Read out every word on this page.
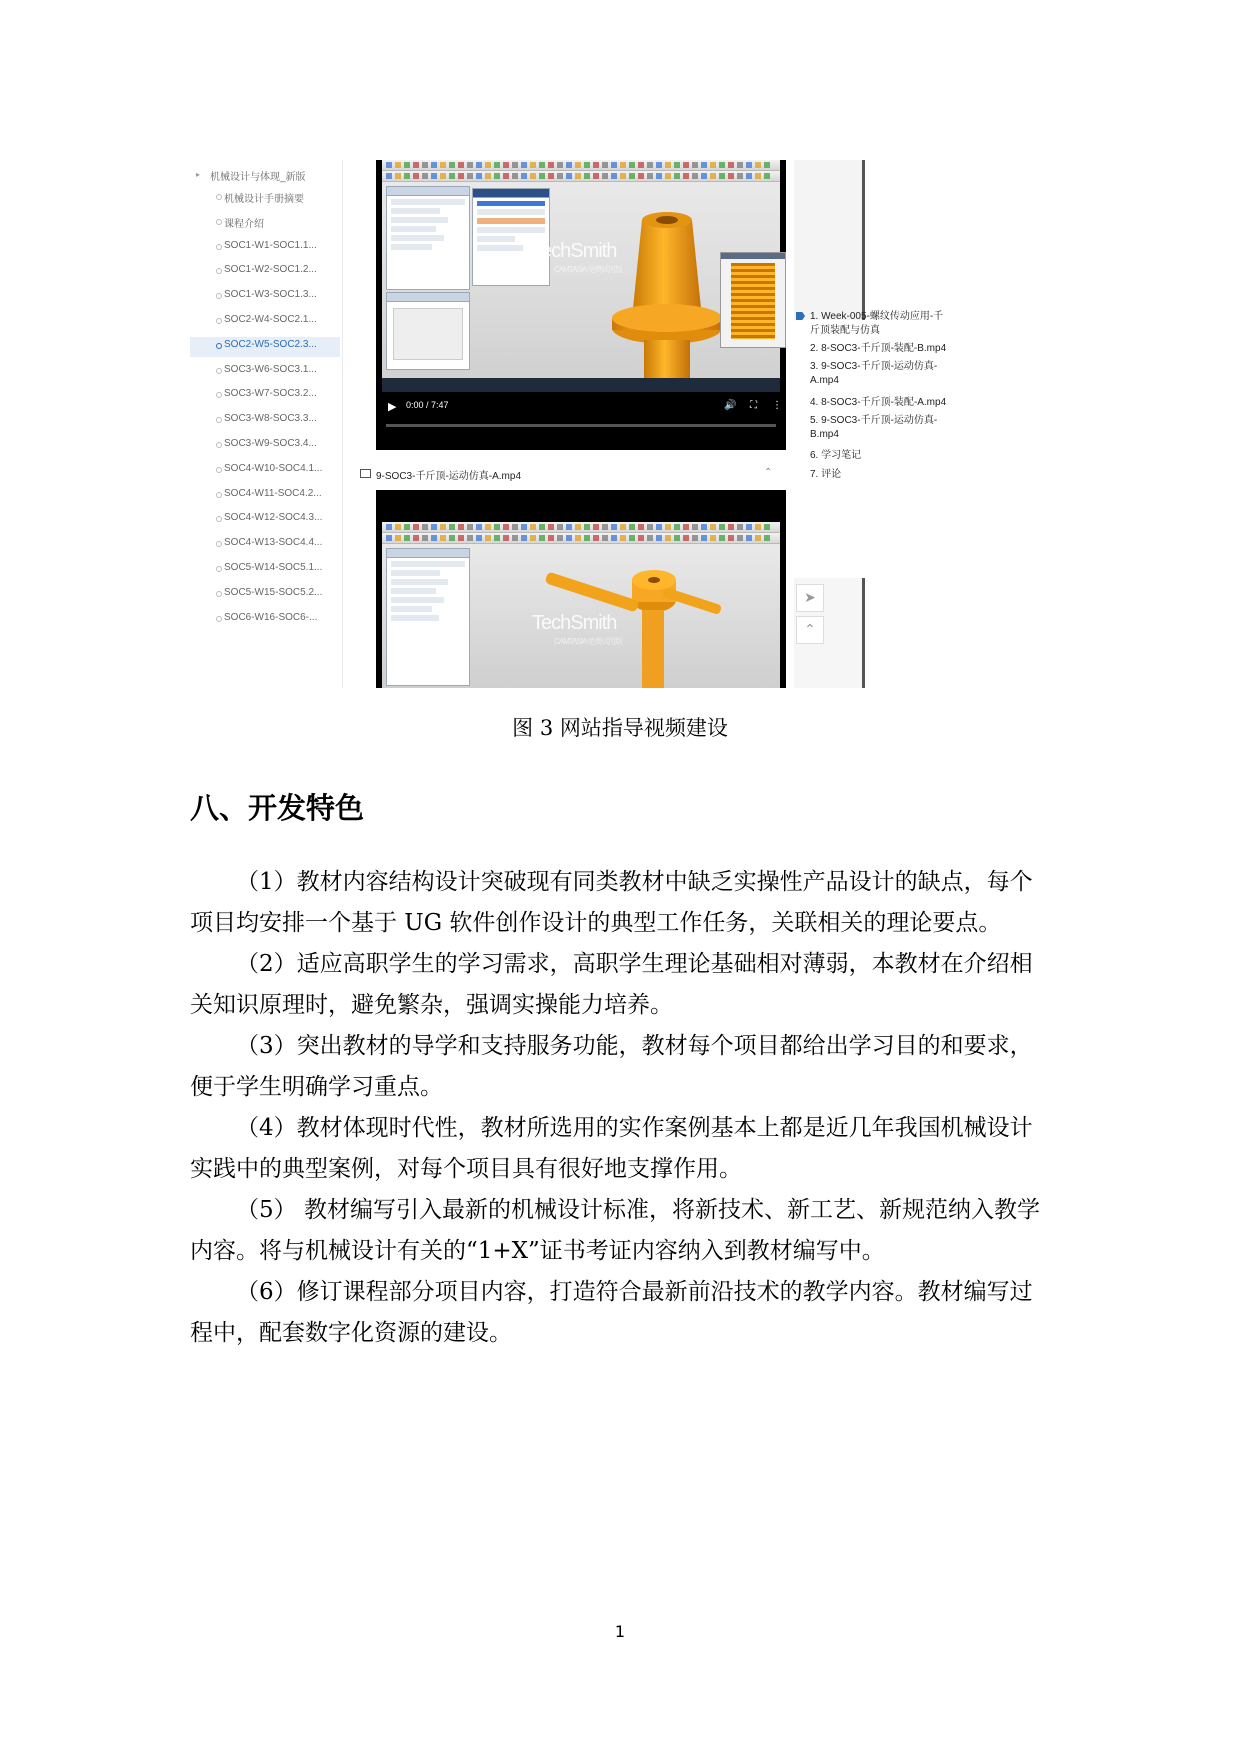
▸ 机械设计与体现_新版
机械设计手册摘要
课程介绍
SOC1-W1-SOC1.1...
SOC1-W2-SOC1.2...
SOC1-W3-SOC1.3...
SOC2-W4-SOC2.1...
SOC2-W5-SOC2.3...
SOC3-W6-SOC3.1...
SOC3-W7-SOC3.2...
SOC3-W8-SOC3.3...
SOC3-W9-SOC3.4...
SOC4-W10-SOC4.1...
SOC4-W11-SOC4.2...
SOC4-W12-SOC4.3...
SOC4-W13-SOC4.4...
SOC5-W14-SOC5.1...
SOC5-W15-SOC5.2...
SOC6-W16-SOC6-...
TechSmith
CAMTASIA 免费试用版
▶ 0:00 / 7:47	🔊 ⛶ ⋮
9-SOC3-千斤顶-运动仿真-A.mp4	⌃
TechSmith
CAMTASIA 免费试用版
1. Week-005-螺纹传动应用-千
斤顶装配与仿真
2. 8-SOC3-千斤顶-装配-B.mp4
3. 9-SOC3-千斤顶-运动仿真-
A.mp4
4. 8-SOC3-千斤顶-装配-A.mp4
5. 9-SOC3-千斤顶-运动仿真-
B.mp4
6. 学习笔记
7. 评论
➤
⌃
图 3 网站指导视频建设
八、开发特色

（1）教材内容结构设计突破现有同类教材中缺乏实操性产品设计的缺点，每个项目均安排一个基于 UG 软件创作设计的典型工作任务，关联相关的理论要点。

（2）适应高职学生的学习需求，高职学生理论基础相对薄弱，本教材在介绍相关知识原理时，避免繁杂，强调实操能力培养。

（3）突出教材的导学和支持服务功能，教材每个项目都给出学习目的和要求，便于学生明确学习重点。

（4）教材体现时代性，教材所选用的实作案例基本上都是近几年我国机械设计实践中的典型案例，对每个项目具有很好地支撑作用。

（5） 教材编写引入最新的机械设计标准，将新技术、新工艺、新规范纳入教学内容。将与机械设计有关的“1+X”证书考证内容纳入到教材编写中。

（6）修订课程部分项目内容，打造符合最新前沿技术的教学内容。教材编写过程中，配套数字化资源的建设。

1
